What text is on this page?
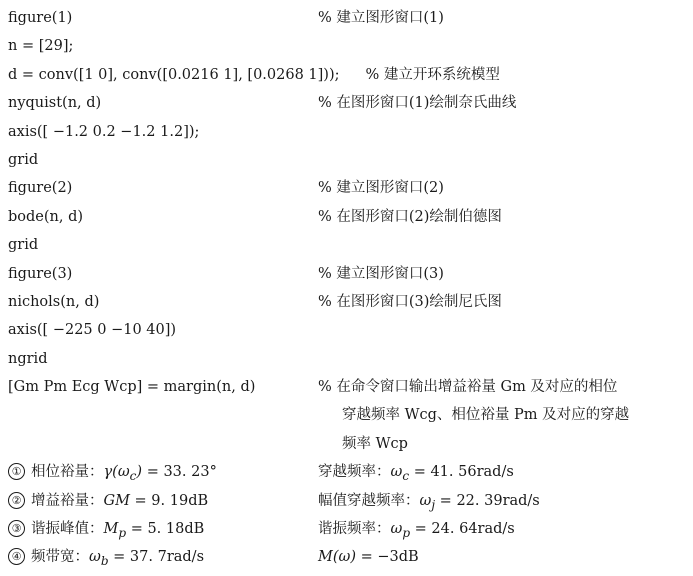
figure(1)	% 建立图形窗口(1)
n = [29];
d = conv([1 0], conv([0.0216 1], [0.0268 1])); % 建立开环系统模型
nyquist(n, d)	% 在图形窗口(1)绘制奈氏曲线
axis([ −1.2 0.2 −1.2 1.2]);
grid
figure(2)	% 建立图形窗口(2)
bode(n, d)	% 在图形窗口(2)绘制伯德图
grid
figure(3)	% 建立图形窗口(3)
nichols(n, d)	% 在图形窗口(3)绘制尼氏图
axis([ −225 0 −10 40])
ngrid
[Gm Pm Ecg Wcp] = margin(n, d)	% 在命令窗口输出增益裕量 Gm 及对应的相位
穿越频率 Wcg、相位裕量 Pm 及对应的穿越
频率 Wcp
① 相位裕量：$\gamma(\omega_c) = 33$. 23°	穿越频率：$\omega_c = 41$. 56rad/s
② 增益裕量：GM = 9. 19dB	幅值穿越频率：$\omega_j = 22$. 39rad/s
③ 谐振峰值：$M_p = 5$. 18dB	谐振频率：$\omega_p = 24$. 64rad/s
④ 频带宽：$\omega_b = 37$. 7rad/s	M(ω) = −3dB
